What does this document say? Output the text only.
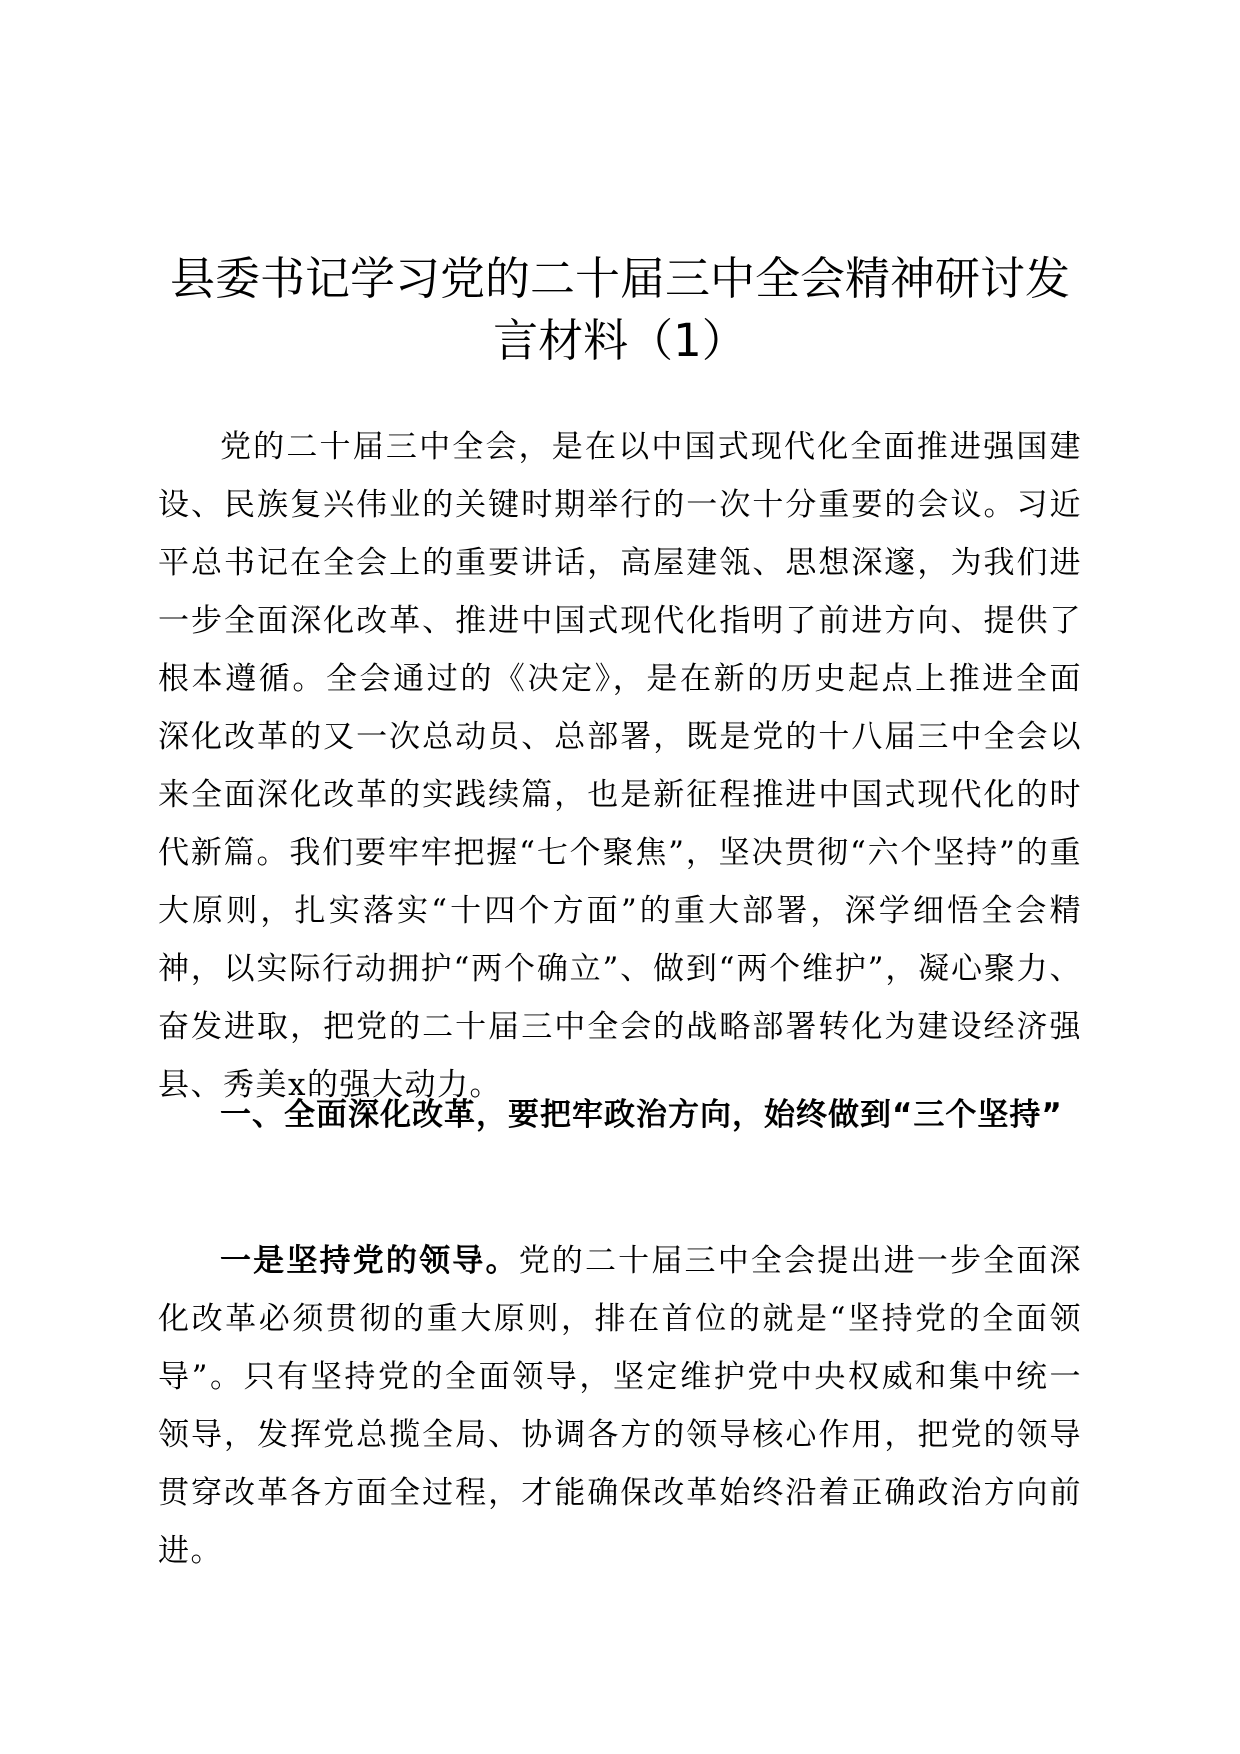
县委书记学习党的二十届三中全会精神研讨发言材料（1）

党的二十届三中全会，是在以中国式现代化全面推进强国建设、民族复兴伟业的关键时期举行的一次十分重要的会议。习近平总书记在全会上的重要讲话，高屋建瓴、思想深邃，为我们进一步全面深化改革、推进中国式现代化指明了前进方向、提供了根本遵循。全会通过的《决定》，是在新的历史起点上推进全面深化改革的又一次总动员、总部署，既是党的十八届三中全会以来全面深化改革的实践续篇，也是新征程推进中国式现代化的时代新篇。我们要牢牢把握“七个聚焦”，坚决贯彻“六个坚持”的重大原则，扎实落实“十四个方面”的重大部署，深学细悟全会精神，以实际行动拥护“两个确立”、做到“两个维护”，凝心聚力、奋发进取，把党的二十届三中全会的战略部署转化为建设经济强县、秀美x的强大动力。

一、全面深化改革，要把牢政治方向，始终做到“三个坚持”

一是坚持党的领导。党的二十届三中全会提出进一步全面深化改革必须贯彻的重大原则，排在首位的就是“坚持党的全面领导”。只有坚持党的全面领导，坚定维护党中央权威和集中统一领导，发挥党总揽全局、协调各方的领导核心作用，把党的领导贯穿改革各方面全过程，才能确保改革始终沿着正确政治方向前进。
